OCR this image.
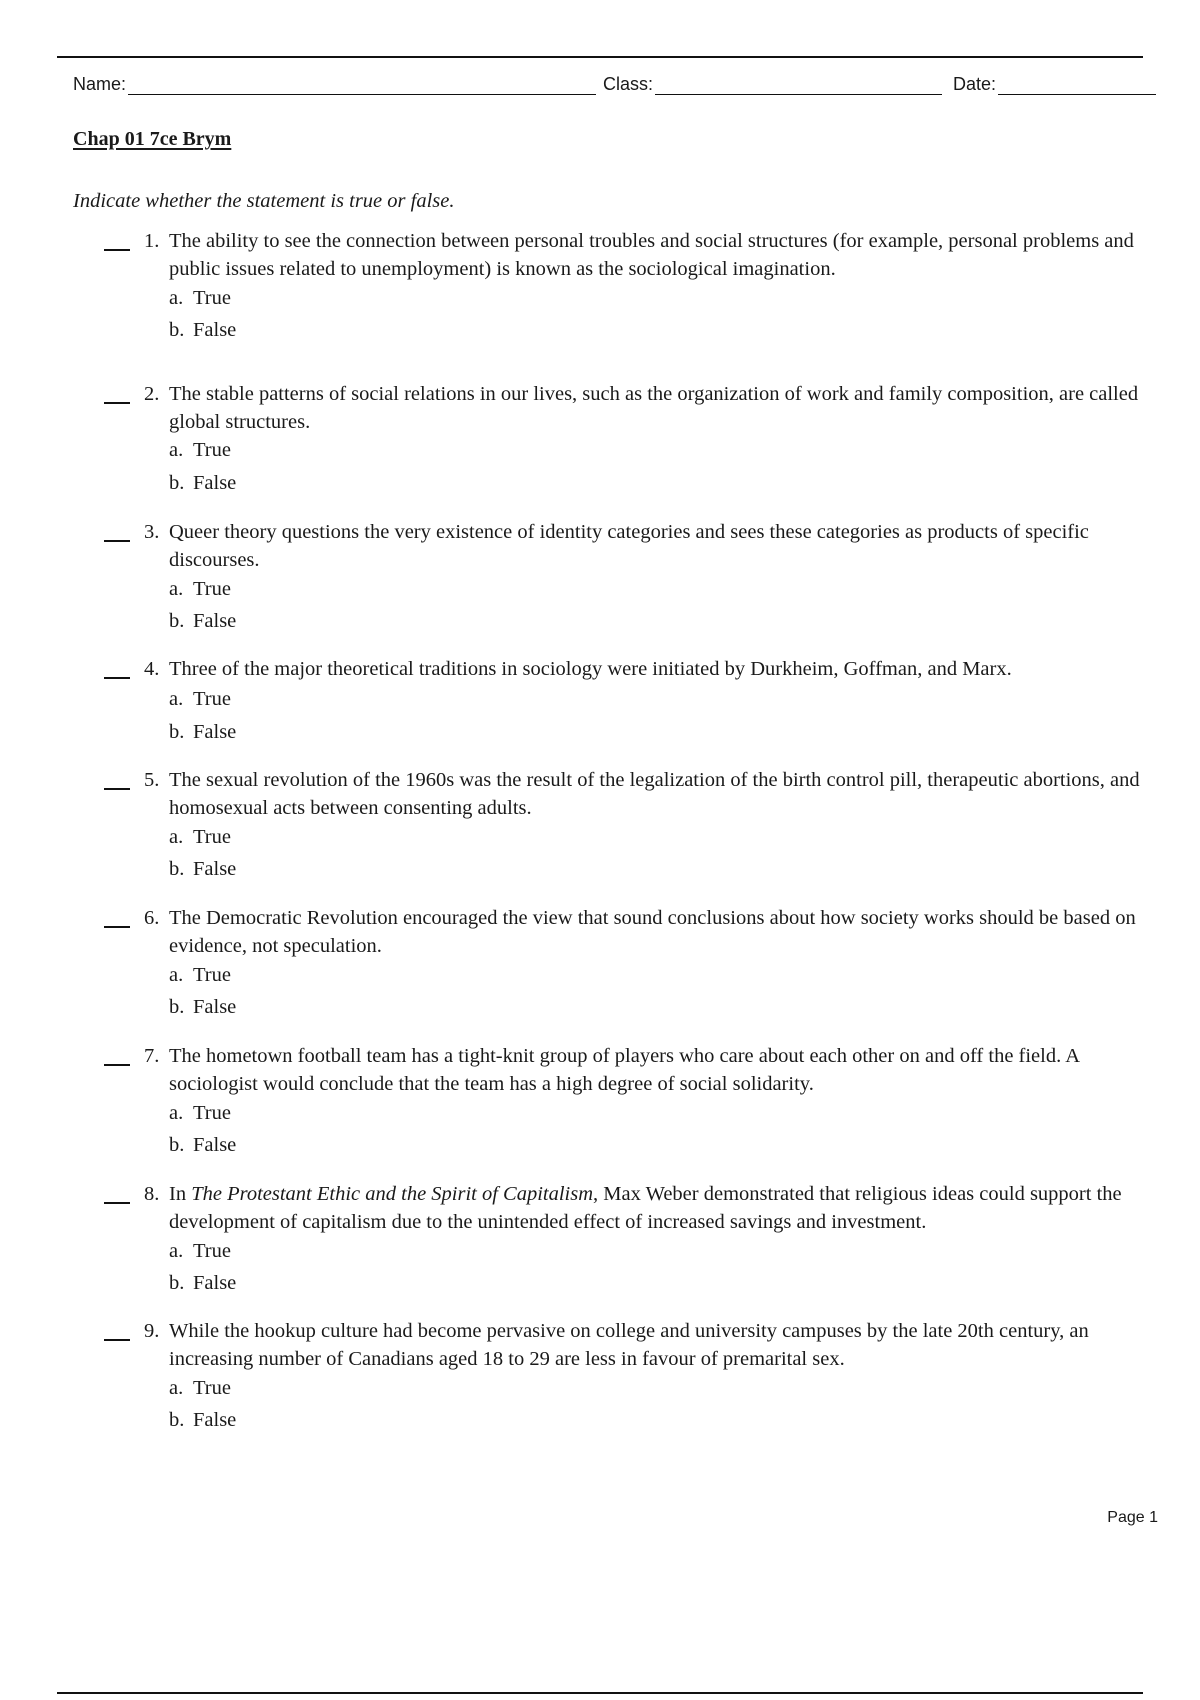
Name:	Class:	Date:
Chap 01 7ce Brym
Indicate whether the statement is true or false.
1. The ability to see the connection between personal troubles and social structures (for example, personal problems and public issues related to unemployment) is known as the sociological imagination.
a. True
b. False
2. The stable patterns of social relations in our lives, such as the organization of work and family composition, are called global structures.
a. True
b. False
3. Queer theory questions the very existence of identity categories and sees these categories as products of specific discourses.
a. True
b. False
4. Three of the major theoretical traditions in sociology were initiated by Durkheim, Goffman, and Marx.
a. True
b. False
5. The sexual revolution of the 1960s was the result of the legalization of the birth control pill, therapeutic abortions, and homosexual acts between consenting adults.
a. True
b. False
6. The Democratic Revolution encouraged the view that sound conclusions about how society works should be based on evidence, not speculation.
a. True
b. False
7. The hometown football team has a tight-knit group of players who care about each other on and off the field. A sociologist would conclude that the team has a high degree of social solidarity.
a. True
b. False
8. In The Protestant Ethic and the Spirit of Capitalism, Max Weber demonstrated that religious ideas could support the development of capitalism due to the unintended effect of increased savings and investment.
a. True
b. False
9. While the hookup culture had become pervasive on college and university campuses by the late 20th century, an increasing number of Canadians aged 18 to 29 are less in favour of premarital sex.
a. True
b. False
Page 1
